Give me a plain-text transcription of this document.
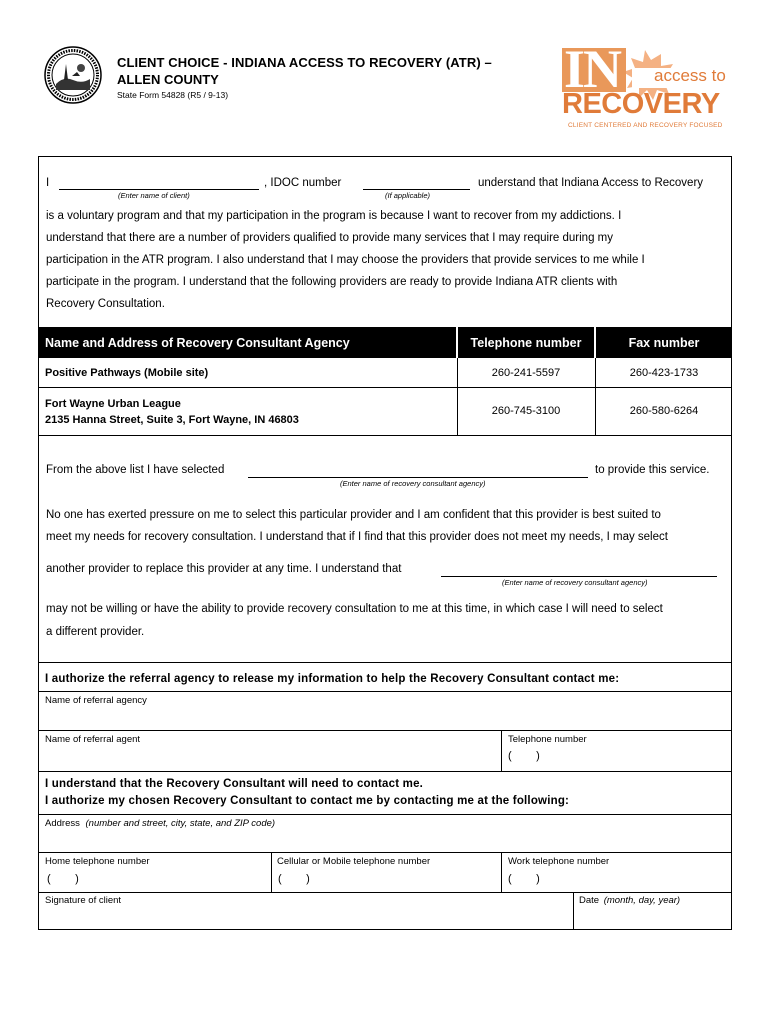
CLIENT CHOICE - INDIANA ACCESS TO RECOVERY (ATR) –
ALLEN COUNTY
State Form 54828 (R5 / 9-13)	IN access to
RECOVERY
CLIENT CENTERED AND RECOVERY FOCUSED
I
(Enter name of client)
, IDOC number
(If applicable)
understand that Indiana Access to Recovery
is a voluntary program and that my participation in the program is because I want to recover from my addictions. I
understand that there are a number of providers qualified to provide many services that I may require during my
participation in the ATR program. I also understand that I may choose the providers that provide services to me while I
participate in the program. I understand that the following providers are ready to provide Indiana ATR clients with
Recovery Consultation.
Name and Address of Recovery Consultant Agency	Telephone number	Fax number
Positive Pathways (Mobile site)	260-241-5597	260-423-1733
Fort Wayne Urban League
2135 Hanna Street, Suite 3, Fort Wayne, IN 46803
260-745-3100	260-580-6264
From the above list I have selected
(Enter name of recovery consultant agency)
to provide this service.
No one has exerted pressure on me to select this particular provider and I am confident that this provider is best suited to
meet my needs for recovery consultation. I understand that if I find that this provider does not meet my needs, I may select
another provider to replace this provider at any time. I understand that
(Enter name of recovery consultant agency)
may not be willing or have the ability to provide recovery consultation to me at this time, in which case I will need to select
a different provider.
I authorize the referral agency to release my information to help the Recovery Consultant contact me:
Name of referral agency
Name of referral agent	Telephone number
(        )
I understand that the Recovery Consultant will need to contact me.
I authorize my chosen Recovery Consultant to contact me by contacting me at the following:
Address (number and street, city, state, and ZIP code)
Home telephone number
(        )
Cellular or Mobile telephone number
(        )
Work telephone number
(        )
Signature of client	Date (month, day, year)
